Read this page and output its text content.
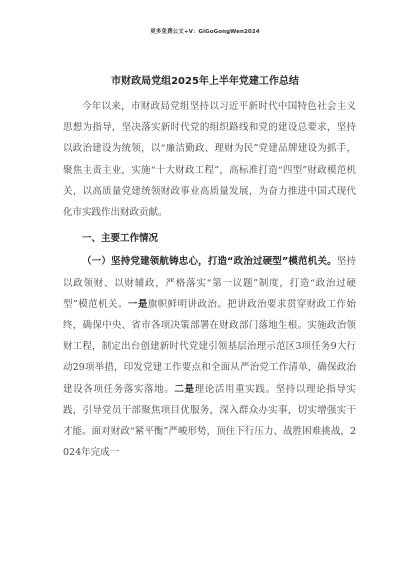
更多免费公文+V：GiGoGongWen2024
市财政局党组2025年上半年党建工作总结

今年以来，市财政局党组坚持以习近平新时代中国特色社会主义思想为指导，坚决落实新时代党的组织路线和党的建设总要求，坚持以政治建设为统领，以“廉洁勤政、理财为民”党建品牌建设为抓手，聚焦主责主业，实施“十大财政工程”，高标准打造“四型”财政模范机关，以高质量党建统领财政事业高质量发展，为奋力推进中国式现代化市实践作出财政贡献。

一、主要工作情况

（一）坚持党建领航铸忠心，打造“政治过硬型”模范机关。坚持以政领财、以财辅政，严格落实“第一议题”制度，打造“政治过硬型”模范机关。一是旗帜鲜明讲政治。把讲政治要求贯穿财政工作始终，确保中央、省市各项决策部署在财政部门落地生根。实施政治领财工程，制定出台创建新时代党建引领基层治理示范区3项任务9大行动29项举措，印发党建工作要点和全面从严治党工作清单，确保政治建设各项任务落实落地。二是理论活用重实践。坚持以理论指导实践，引导党员干部聚焦项目优服务，深入群众办实事，切实增强实干才能。面对财政“紧平衡”严峻形势，顶住下行压力、战胜困难挑战，2024年完成一
